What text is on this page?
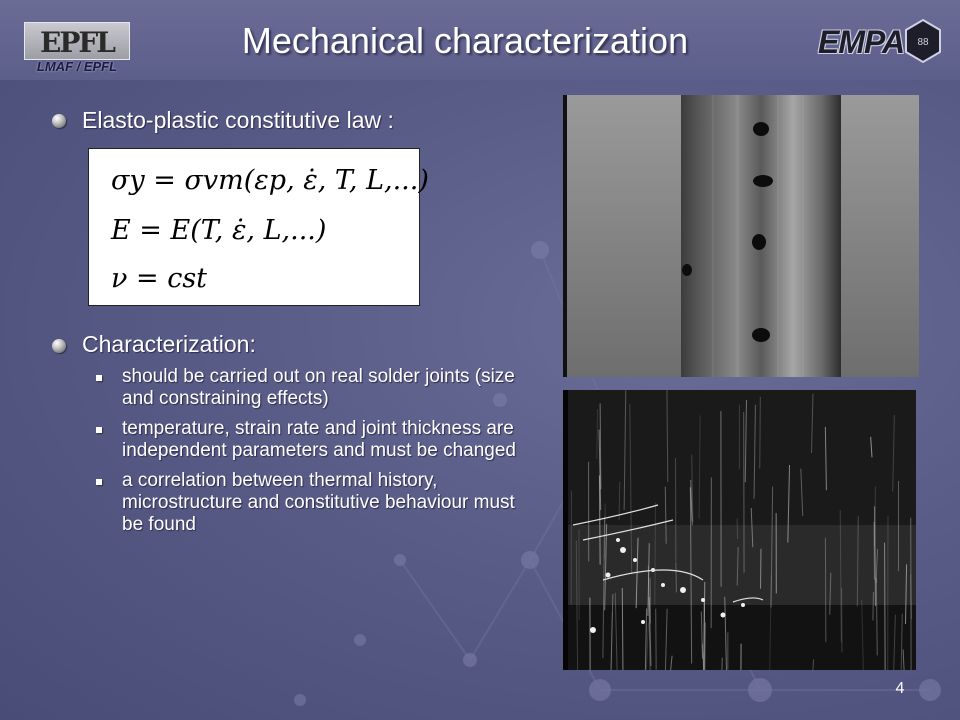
EPFL
LMAF / EPFL
Mechanical characterization	EMPA 88
Elasto-plastic constitutive law :
σy = σvm(εp, ε̇, T, L,...)
E = E(T, ε̇, L,...)
ν = cst
Characterization:
should be carried out on real solder joints (size and constraining effects)
temperature, strain rate and joint thickness are independent parameters and must be changed
a correlation between thermal history, microstructure and constitutive behaviour must be found
4
